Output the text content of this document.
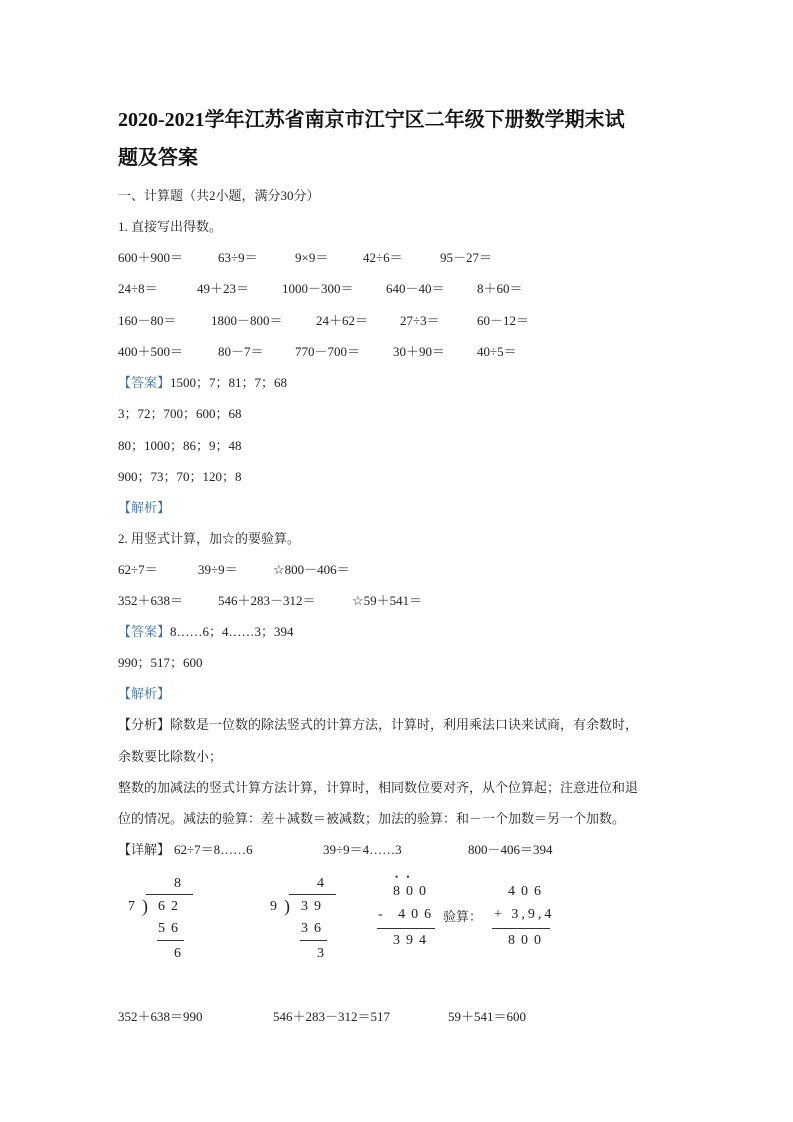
2020-2021学年江苏省南京市江宁区二年级下册数学期末试
题及答案
一、计算题（共2小题，满分30分）
1. 直接写出得数。
600＋900＝	63÷9＝	9×9＝	42÷6＝	95－27＝
24÷8＝	49＋23＝	1000－300＝ 640－40＝ 8＋60＝
160－80＝	1800－800＝	24＋62＝ 27÷3＝	60－12＝
400＋500＝	80－7＝ 770－700＝	30＋90＝ 40÷5＝
【答案】1500；7；81；7；68
3；72；700；600；68
80；1000；86；9；48
900；73；70；120；8
【解析】
2. 用竖式计算，加☆的要验算。
62÷7＝	39÷9＝	☆800－406＝
352＋638＝	546＋283－312＝	☆59＋541＝
【答案】8……6；4……3；394
990；517；600
【解析】
【分析】除数是一位数的除法竖式的计算方法，计算时，利用乘法口诀来试商，有余数时，
余数要比除数小；
整数的加减法的竖式计算方法计算，计算时，相同数位要对齐，从个位算起；注意进位和退
位的情况。减法的验算：差＋减数＝被减数；加法的验算：和－一个加数＝另一个加数。
【详解】 62÷7＝8……6	39÷9＝4……3	800－406＝394
8
7 ) 62
56
6
4
9 ) 39
36
3
• •
800
- 406
394
验算：
406
+ 3,9,4
800
352＋638＝990	546＋283－312＝517	59＋541＝600
